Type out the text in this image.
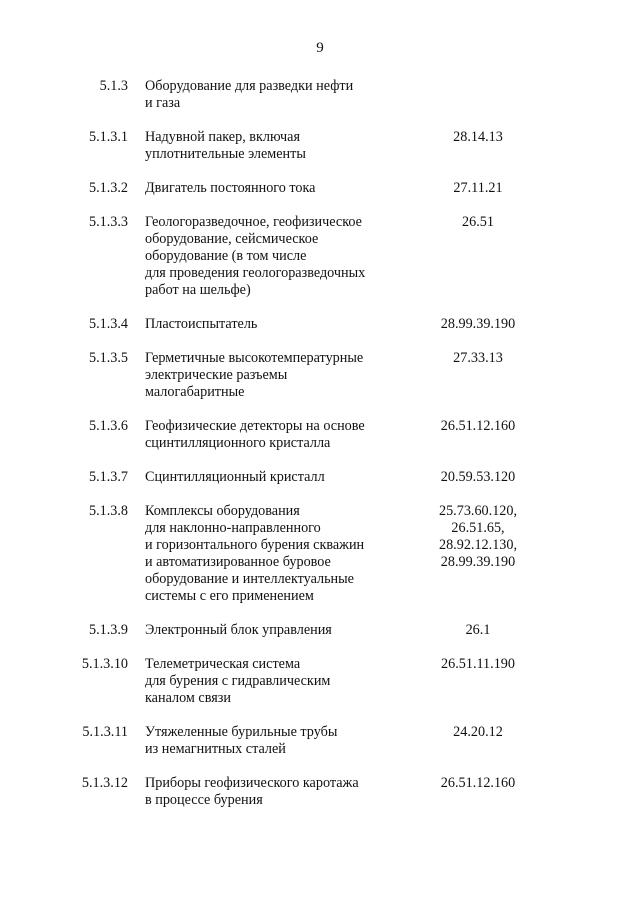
9
5.1.3 Оборудование для разведки нефти
и газа
5.1.3.1 Надувной пакер, включая
уплотнительные элементы
28.14.13
5.1.3.2 Двигатель постоянного тока	27.11.21
5.1.3.3 Геологоразведочное, геофизическое
оборудование, сейсмическое
оборудование (в том числе
для проведения геологоразведочных
работ на шельфе)
26.51
5.1.3.4 Пластоиспытатель	28.99.39.190
5.1.3.5 Герметичные высокотемпературные
электрические разъемы
малогабаритные
27.33.13
5.1.3.6 Геофизические детекторы на основе
сцинтилляционного кристалла
26.51.12.160
5.1.3.7 Сцинтилляционный кристалл	20.59.53.120
5.1.3.8 Комплексы оборудования
для наклонно-направленного
и горизонтального бурения скважин
и автоматизированное буровое
оборудование и интеллектуальные
системы с его применением
25.73.60.120,
26.51.65,
28.92.12.130,
28.99.39.190
5.1.3.9 Электронный блок управления	26.1
5.1.3.10 Телеметрическая система
для бурения с гидравлическим
каналом связи
26.51.11.190
5.1.3.11 Утяжеленные бурильные трубы
из немагнитных сталей
24.20.12
5.1.3.12 Приборы геофизического каротажа
в процессе бурения
26.51.12.160
